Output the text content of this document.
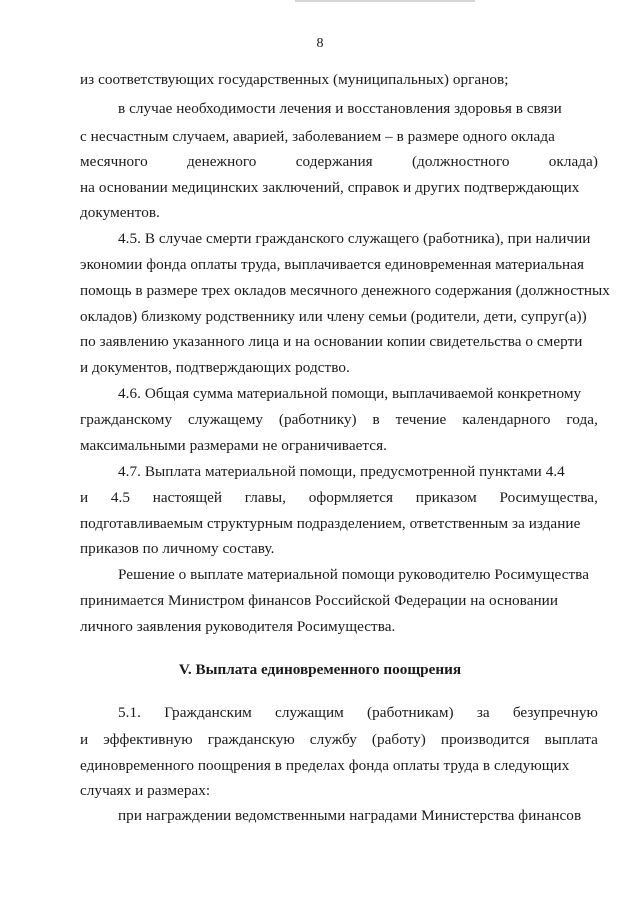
8
из соответствующих государственных (муниципальных) органов;
в случае необходимости лечения и восстановления здоровья в связи
с несчастным случаем, аварией, заболеванием – в размере одного оклада
месячного	денежного	содержания	(должностного	оклада)
на основании медицинских заключений, справок и других подтверждающих
документов.
4.5. В случае смерти гражданского служащего (работника), при наличии
экономии фонда оплаты труда, выплачивается единовременная материальная
помощь в размере трех окладов месячного денежного содержания (должностных
окладов) близкому родственнику или члену семьи (родители, дети, супруг(а))
по заявлению указанного лица и на основании копии свидетельства о смерти
и документов, подтверждающих родство.
4.6. Общая сумма материальной помощи, выплачиваемой конкретному
гражданскому служащему (работнику) в течение календарного года,
максимальными размерами не ограничивается.
4.7. Выплата материальной помощи, предусмотренной пунктами 4.4
и 4.5 настоящей главы, оформляется приказом Росимущества,
подготавливаемым структурным подразделением, ответственным за издание
приказов по личному составу.
Решение о выплате материальной помощи руководителю Росимущества
принимается Министром финансов Российской Федерации на основании
личного заявления руководителя Росимущества.
V. Выплата единовременного поощрения
5.1. Гражданским служащим (работникам) за безупречную
и эффективную гражданскую службу (работу) производится выплата
единовременного поощрения в пределах фонда оплаты труда в следующих
случаях и размерах:
при награждении ведомственными наградами Министерства финансов
